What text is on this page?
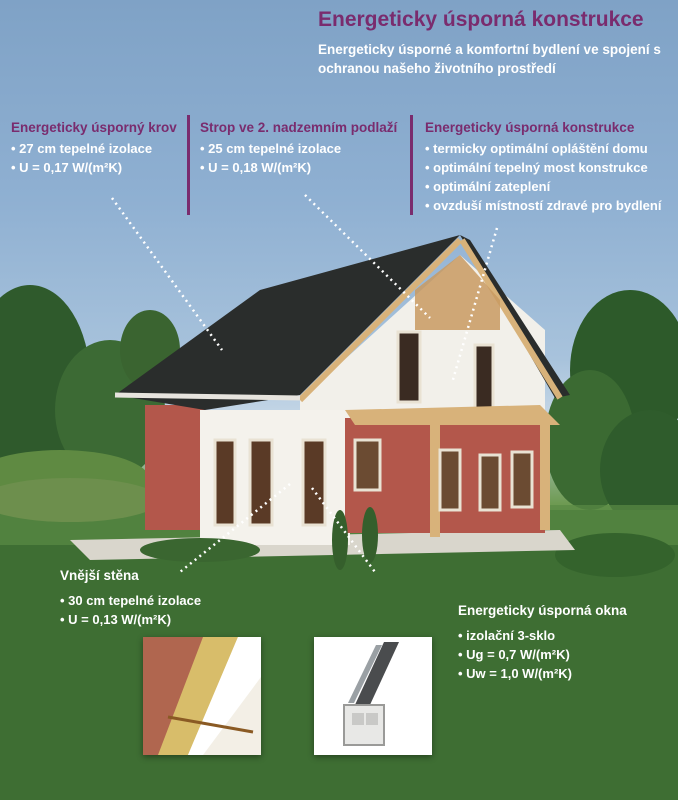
Energeticky úsporná konstrukce
Energeticky úsporné a komfortní bydlení ve spojení s ochranou našeho životního prostředí
Energeticky úsporný krov
• 27 cm tepelné izolace
• U = 0,17 W/(m²K)
Strop ve 2. nadzemním podlaží
• 25 cm tepelné izolace
• U = 0,18 W/(m²K)
Energeticky úsporná konstrukce
• termicky optimální opláštění domu
• optimální tepelný most konstrukce
• optimální zateplení
• ovzduší místností zdravé pro bydlení
Vnější stěna
• 30 cm tepelné izolace
• U = 0,13 W/(m²K)
Energeticky úsporná okna
• izolační 3-sklo
• Ug = 0,7 W/(m²K)
• Uw = 1,0 W/(m²K)
